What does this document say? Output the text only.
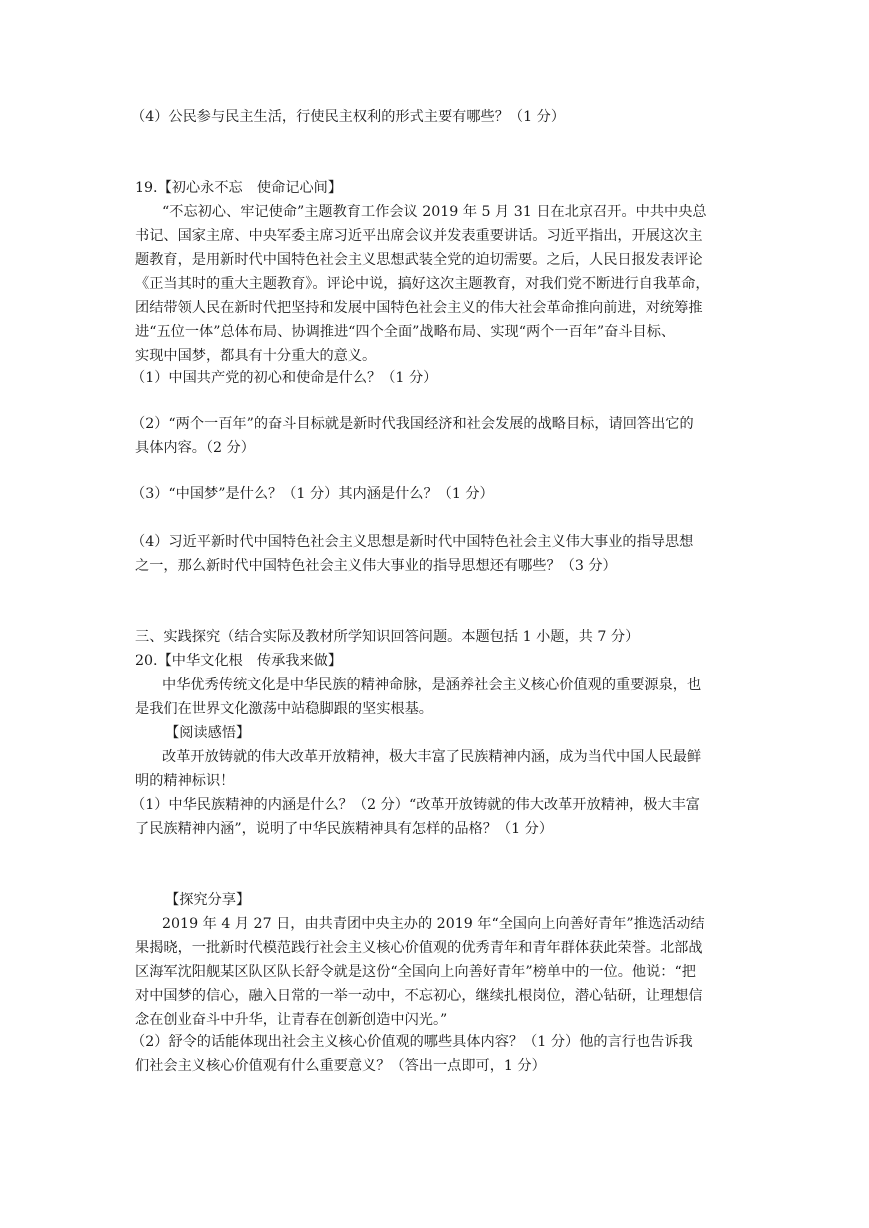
（4）公民参与民主生活，行使民主权利的形式主要有哪些？（1 分）
19.【初心永不忘　使命记心间】
“不忘初心、牢记使命”主题教育工作会议 2019 年 5 月 31 日在北京召开。中共中央总
书记、国家主席、中央军委主席习近平出席会议并发表重要讲话。习近平指出，开展这次主
题教育，是用新时代中国特色社会主义思想武装全党的迫切需要。之后，人民日报发表评论
《正当其时的重大主题教育》。评论中说，搞好这次主题教育，对我们党不断进行自我革命，
团结带领人民在新时代把坚持和发展中国特色社会主义的伟大社会革命推向前进，对统筹推
进“五位一体”总体布局、协调推进“四个全面”战略布局、实现“两个一百年”奋斗目标、
实现中国梦，都具有十分重大的意义。
（1）中国共产党的初心和使命是什么？（1 分）
（2）“两个一百年”的奋斗目标就是新时代我国经济和社会发展的战略目标，请回答出它的
具体内容。（2 分）
（3）“中国梦”是什么？（1 分）其内涵是什么？（1 分）
（4）习近平新时代中国特色社会主义思想是新时代中国特色社会主义伟大事业的指导思想
之一，那么新时代中国特色社会主义伟大事业的指导思想还有哪些？（3 分）
三、实践探究（结合实际及教材所学知识回答问题。本题包括 1 小题，共 7 分）
20.【中华文化根　传承我来做】
中华优秀传统文化是中华民族的精神命脉，是涵养社会主义核心价值观的重要源泉，也
是我们在世界文化激荡中站稳脚跟的坚实根基。
【阅读感悟】
改革开放铸就的伟大改革开放精神，极大丰富了民族精神内涵，成为当代中国人民最鲜
明的精神标识！
（1）中华民族精神的内涵是什么？（2 分）“改革开放铸就的伟大改革开放精神，极大丰富
了民族精神内涵”，说明了中华民族精神具有怎样的品格？（1 分）
【探究分享】
2019 年 4 月 27 日，由共青团中央主办的 2019 年“全国向上向善好青年”推选活动结
果揭晓，一批新时代模范践行社会主义核心价值观的优秀青年和青年群体获此荣誉。北部战
区海军沈阳舰某区队区队长舒令就是这份“全国向上向善好青年”榜单中的一位。他说：“把
对中国梦的信心，融入日常的一举一动中，不忘初心，继续扎根岗位，潜心钻研，让理想信
念在创业奋斗中升华，让青春在创新创造中闪光。”
（2）舒令的话能体现出社会主义核心价值观的哪些具体内容？（1 分）他的言行也告诉我
们社会主义核心价值观有什么重要意义？（答出一点即可，1 分）
